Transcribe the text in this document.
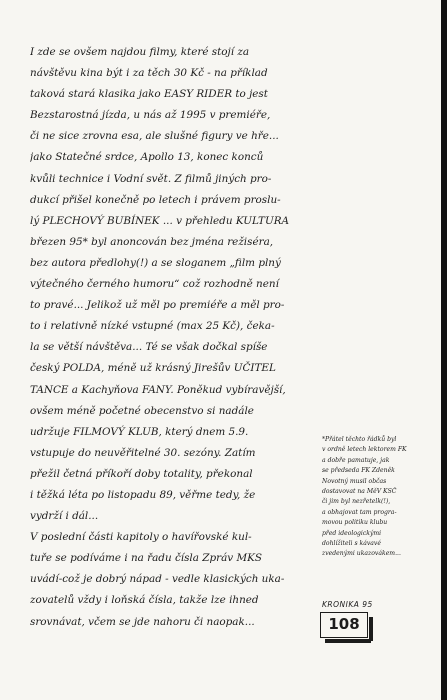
I zde se ovšem najdou filmy, které stojí za
návštěvu kina být i za těch 30 Kč - na příklad
taková stará klasika jako EASY RIDER to jest
Bezstarostná jízda, u nás až 1995 v premiéře,
či ne sice zrovna esa, ale slušné figury ve hře...
jako Statečné srdce, Apollo 13, konec konců
kvůli technice i Vodní svět. Z filmů jiných pro-
dukcí přišel konečně po letech i právem proslu-
lý PLECHOVÝ BUBÍNEK ... v přehledu KULTURA
březen 95* byl anoncován bez jména režiséra,
bez autora předlohy(!) a se sloganem „film plný
výtečného černého humoru“ což rozhodně není
to pravé... Jelikož už měl po premiéře a měl pro-
to i relativně nízké vstupné (max 25 Kč), čeka-
la se větší návštěva... Té se však dočkal spíše
český POLDA, méně už krásný Jirešův UČITEL
TANCE a Kachyňova FANY. Poněkud vybíravější,
ovšem méně početné obecenstvo si nadále
udržuje FILMOVÝ KLUB, který dnem 5.9.
vstupuje do neuvěřitelné 30. sezóny. Zatím
přežil četná příkoří doby totality, překonal
i těžká léta po listopadu 89, věřme tedy, že
vydrží i dál...
V poslední části kapitoly o havířovské kul-
tuře se podíváme i na řadu čísla Zpráv MKS
uvádí-což je dobrý nápad - vedle klasických uka-
zovatelů vždy i loňská čísla, takže lze ihned
srovnávat, včem se jde nahoru či naopak...
*Přátel těchto řádků byl
v ordně letech lektorem FK
a dobře pamatuje, jak
se předseda FK Zdeněk
Novotný musil občas
dostavovat na MěV KSČ
či jim byl nezřetelk(!),
a obhajovat tam progra-
movou politiku klubu
před ideologickými
dohlížiteli s kávavé
zvedenými ukazovákem...
KRONIKA 95
108
